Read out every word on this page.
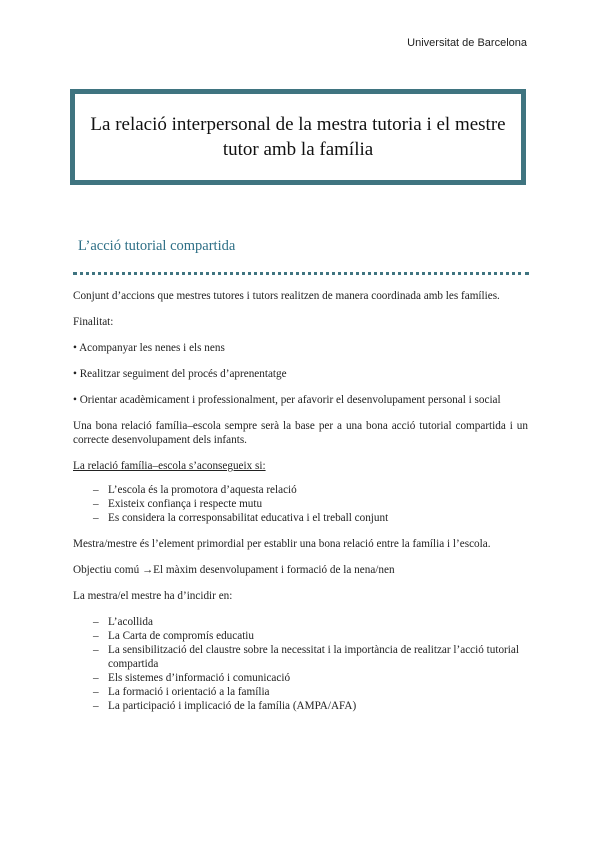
Universitat de Barcelona
La relació interpersonal de la mestra tutoria i el mestre tutor amb la família
L’acció tutorial compartida

Conjunt d’accions que mestres tutores i tutors realitzen de manera coordinada amb les famílies.

Finalitat:

• Acompanyar les nenes i els nens

• Realitzar seguiment del procés d’aprenentatge

• Orientar acadèmicament i professionalment, per afavorir el desenvolupament personal i social

Una bona relació família–escola sempre serà la base per a una bona acció tutorial compartida i un correcte desenvolupament dels infants.

La relació família–escola s’aconsegueix si:

– L’escola és la promotora d’aquesta relació
– Existeix confiança i respecte mutu
– Es considera la corresponsabilitat educativa i el treball conjunt

Mestra/mestre és l’element primordial per establir una bona relació entre la família i l’escola.

Objectiu comú →El màxim desenvolupament i formació de la nena/nen

La mestra/el mestre ha d’incidir en:

– L’acollida
– La Carta de compromís educatiu
– La sensibilització del claustre sobre la necessitat i la importància de realitzar l’acció tutorial compartida
– Els sistemes d’informació i comunicació
– La formació i orientació a la família
– La participació i implicació de la família (AMPA/AFA)
